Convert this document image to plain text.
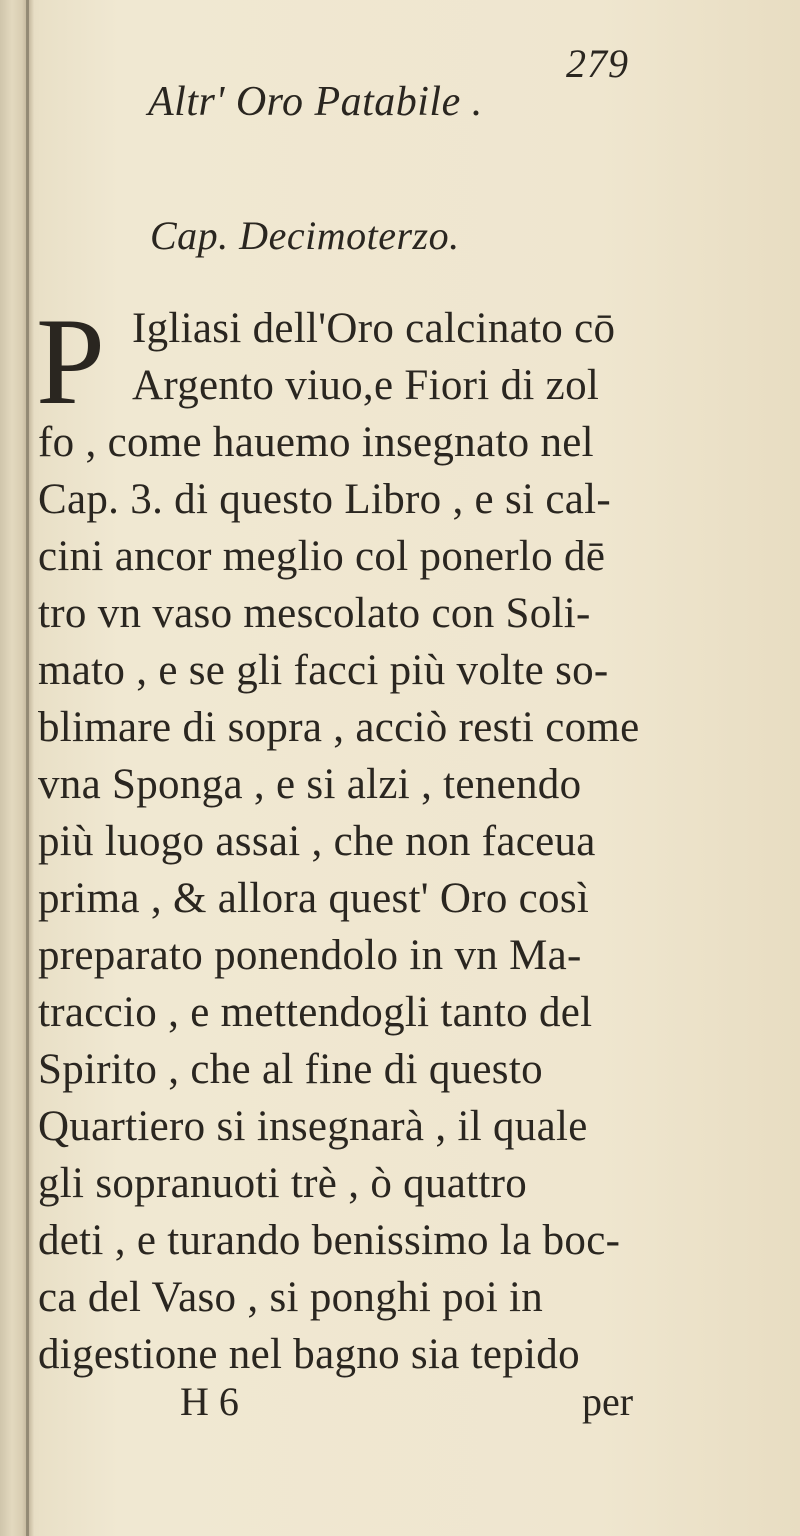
279
Altr' Oro Patabile .
Cap. Decimoterzo.
P Igliasi dell'Oro calcinato cō
Argento viuo,e Fiori di zol
fo , come hauemo insegnato nel
Cap. 3. di questo Libro , e si cal-
cini ancor meglio col ponerlo dē
tro vn vaso mescolato con Soli-
mato , e se gli facci più volte so-
blimare di sopra , acciò resti come
vna Sponga , e si alzi , tenendo
più luogo assai , che non faceua
prima , & allora quest' Oro così
preparato ponendolo in vn Ma-
traccio , e mettendogli tanto del
Spirito , che al fine di questo
Quartiero si insegnarà , il quale
gli sopranuoti trè , ò quattro
deti , e turando benissimo la boc-
ca del Vaso , si ponghi poi in
digestione nel bagno sia tepido
H 6	per
